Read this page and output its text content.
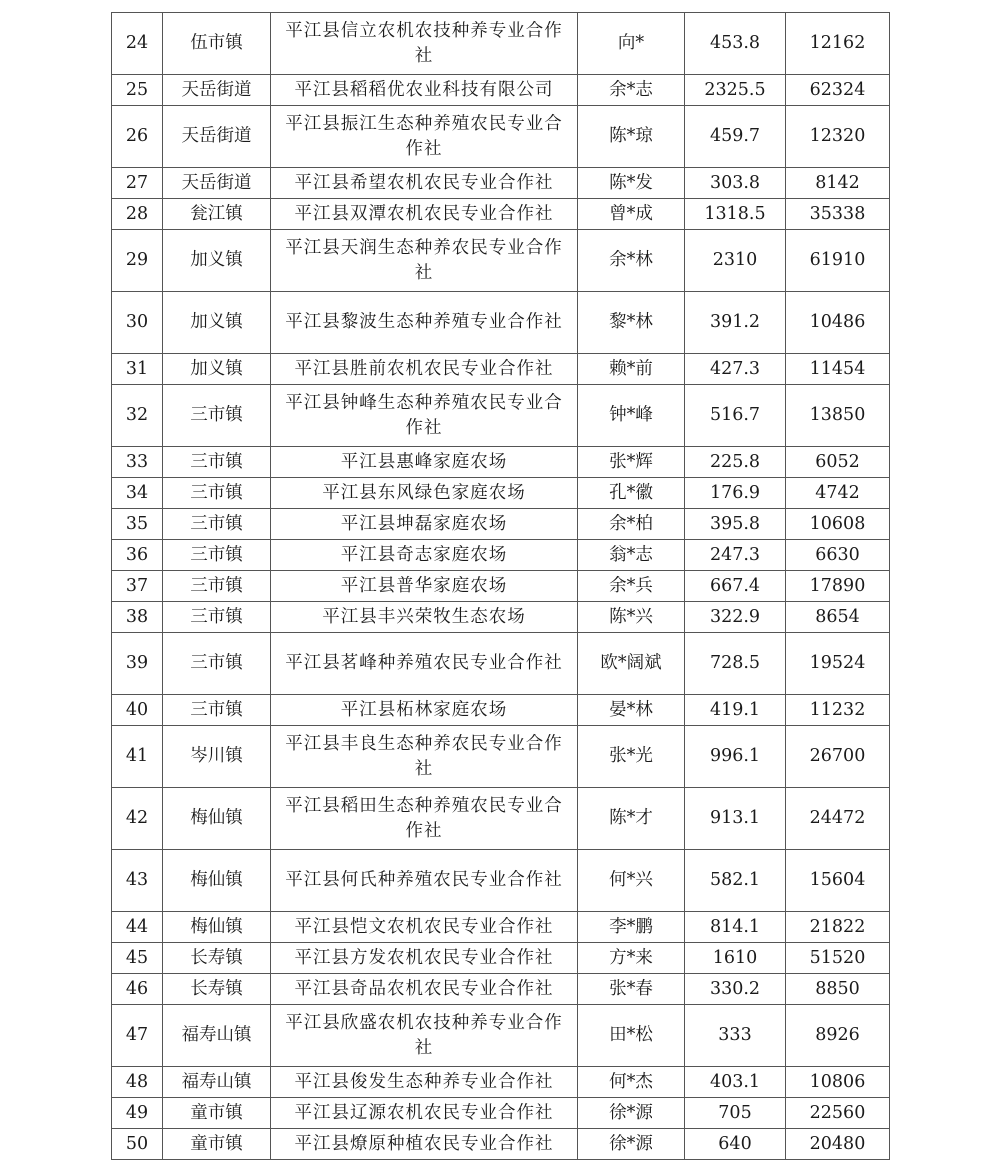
24	伍市镇	平江县信立农机农技种养专业合作社	向*	453.8	12162
25	天岳街道	平江县稻稻优农业科技有限公司	余*志	2325.5	62324
26	天岳街道	平江县振江生态种养殖农民专业合作社	陈*琼	459.7	12320
27	天岳街道	平江县希望农机农民专业合作社	陈*发	303.8	8142
28	瓮江镇	平江县双潭农机农民专业合作社	曾*成	1318.5	35338
29	加义镇	平江县天润生态种养农民专业合作社	余*林	2310	61910
30	加义镇	平江县黎波生态种养殖专业合作社	黎*林	391.2	10486
31	加义镇	平江县胜前农机农民专业合作社	赖*前	427.3	11454
32	三市镇	平江县钟峰生态种养殖农民专业合作社	钟*峰	516.7	13850
33	三市镇	平江县惠峰家庭农场	张*辉	225.8	6052
34	三市镇	平江县东风绿色家庭农场	孔*徽	176.9	4742
35	三市镇	平江县坤磊家庭农场	余*柏	395.8	10608
36	三市镇	平江县奇志家庭农场	翁*志	247.3	6630
37	三市镇	平江县普华家庭农场	余*兵	667.4	17890
38	三市镇	平江县丰兴荣牧生态农场	陈*兴	322.9	8654
39	三市镇	平江县茗峰种养殖农民专业合作社	欧*阔斌	728.5	19524
40	三市镇	平江县柘林家庭农场	晏*林	419.1	11232
41	岑川镇	平江县丰良生态种养农民专业合作社	张*光	996.1	26700
42	梅仙镇	平江县稻田生态种养殖农民专业合作社	陈*才	913.1	24472
43	梅仙镇	平江县何氏种养殖农民专业合作社	何*兴	582.1	15604
44	梅仙镇	平江县恺文农机农民专业合作社	李*鹏	814.1	21822
45	长寿镇	平江县方发农机农民专业合作社	方*来	1610	51520
46	长寿镇	平江县奇品农机农民专业合作社	张*春	330.2	8850
47	福寿山镇	平江县欣盛农机农技种养专业合作社	田*松	333	8926
48	福寿山镇	平江县俊发生态种养专业合作社	何*杰	403.1	10806
49	童市镇	平江县辽源农机农民专业合作社	徐*源	705	22560
50	童市镇	平江县燎原种植农民专业合作社	徐*源	640	20480
